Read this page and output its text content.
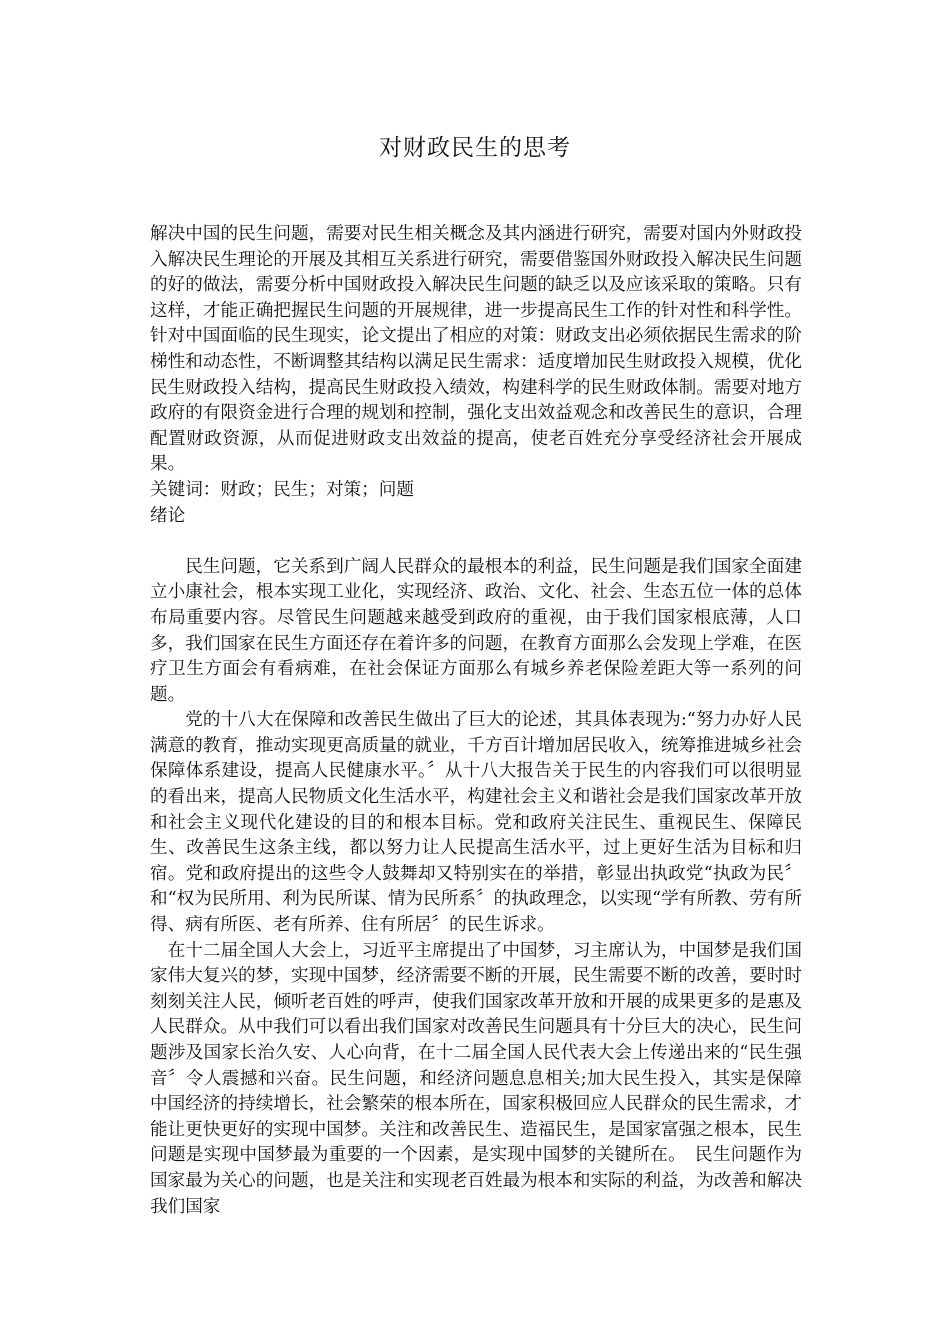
对财政民生的思考

解决中国的民生问题，需要对民生相关概念及其内涵进行研究，需要对国内外财政投入解决民生理论的开展及其相互关系进行研究，需要借鉴国外财政投入解决民生问题的好的做法，需要分析中国财政投入解决民生问题的缺乏以及应该采取的策略。只有这样，才能正确把握民生问题的开展规律，进一步提高民生工作的针对性和科学性。针对中国面临的民生现实，论文提出了相应的对策：财政支出必须依据民生需求的阶梯性和动态性，不断调整其结构以满足民生需求：适度增加民生财政投入规模，优化民生财政投入结构，提高民生财政投入绩效，构建科学的民生财政体制。需要对地方政府的有限资金进行合理的规划和控制，强化支出效益观念和改善民生的意识，合理配置财政资源，从而促进财政支出效益的提高，使老百姓充分享受经济社会开展成果。

关键词：财政；民生；对策；问题

绪论

民生问题，它关系到广阔人民群众的最根本的利益，民生问题是我们国家全面建立小康社会，根本实现工业化，实现经济、政治、文化、社会、生态五位一体的总体布局重要内容。尽管民生问题越来越受到政府的重视，由于我们国家根底薄，人口多，我们国家在民生方面还存在着许多的问题，在教育方面那么会发现上学难，在医疗卫生方面会有看病难，在社会保证方面那么有城乡养老保险差距大等一系列的问题。

党的十八大在保障和改善民生做出了巨大的论述，其具体表现为:“努力办好人民满意的教育，推动实现更高质量的就业，千方百计增加居民收入，统筹推进城乡社会保障体系建设，提高人民健康水平。〞从十八大报告关于民生的内容我们可以很明显的看出来，提高人民物质文化生活水平，构建社会主义和谐社会是我们国家改革开放和社会主义现代化建设的目的和根本目标。党和政府关注民生、重视民生、保障民生、改善民生这条主线，都以努力让人民提高生活水平，过上更好生活为目标和归宿。党和政府提出的这些令人鼓舞却又特别实在的举措，彰显出执政党“执政为民〞和“权为民所用、利为民所谋、情为民所系〞的执政理念，以实现“学有所教、劳有所得、病有所医、老有所养、住有所居〞的民生诉求。

在十二届全国人大会上，习近平主席提出了中国梦，习主席认为，中国梦是我们国家伟大复兴的梦，实现中国梦，经济需要不断的开展，民生需要不断的改善，要时时刻刻关注人民，倾听老百姓的呼声，使我们国家改革开放和开展的成果更多的是惠及人民群众。从中我们可以看出我们国家对改善民生问题具有十分巨大的决心，民生问题涉及国家长治久安、人心向背，在十二届全国人民代表大会上传递出来的“民生强音〞令人震撼和兴奋。民生问题，和经济问题息息相关;加大民生投入，其实是保障中国经济的持续增长，社会繁荣的根本所在，国家积极回应人民群众的民生需求，才能让更快更好的实现中国梦。关注和改善民生、造福民生，是国家富强之根本，民生问题是实现中国梦最为重要的一个因素，是实现中国梦的关键所在。　民生问题作为国家最为关心的问题，也是关注和实现老百姓最为根本和实际的利益，为改善和解决我们国家
